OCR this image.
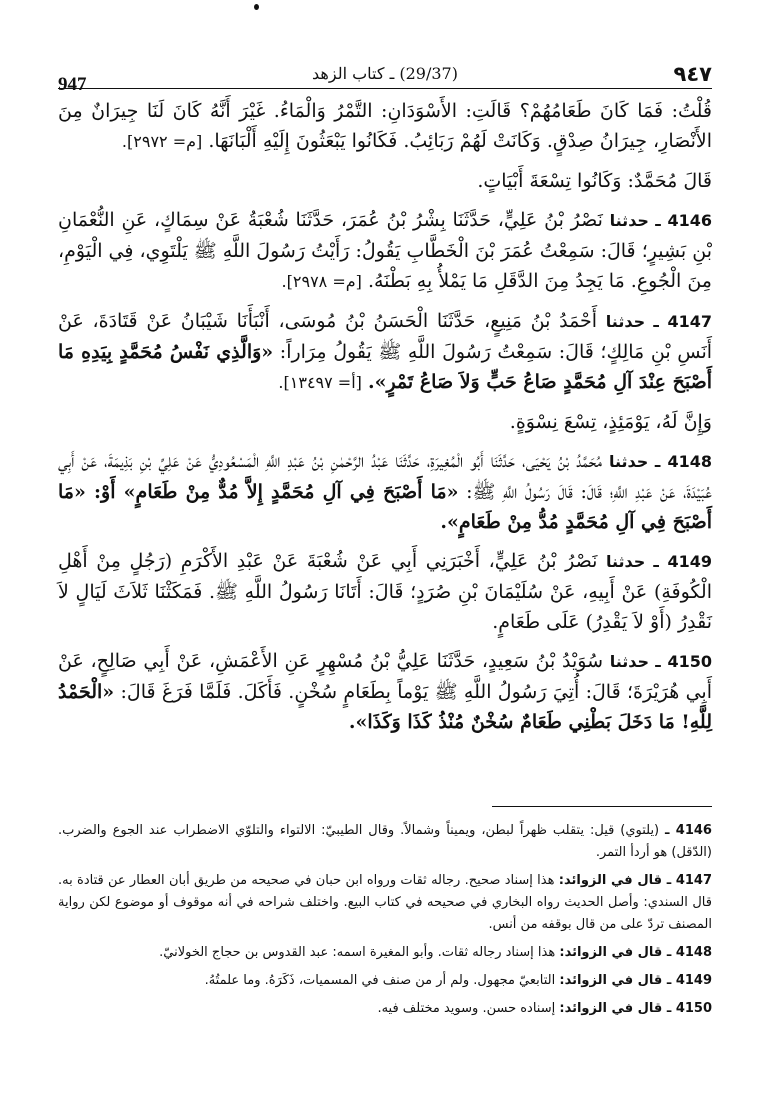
947
(29/37) ـ كتاب الزهد	٩٤٧

قُلْتُ: فَمَا كَانَ طَعَامُهُمْ؟ قَالَتِ: الأَسْوَدَانِ: التَّمْرُ وَالْمَاءُ. غَيْرَ أَنَّهُ كَانَ لَنَا جِيرَانٌ مِنَ الأَنْصَارِ، جِيرَانُ صِدْقٍ. وَكَانَتْ لَهُمْ رَبَائِبُ. فَكَانُوا يَبْعَثُونَ إِلَيْهِ أَلْبَانَهَا. [م= ٢٩٧٢].

قَالَ مُحَمَّدٌ: وَكَانُوا تِسْعَةَ أَبْيَاتٍ.

4146 ـ حدثنا نَصْرُ بْنُ عَلِيٍّ، حَدَّثَنَا بِشْرُ بْنُ عُمَرَ، حَدَّثَنَا شُعْبَةُ عَنْ سِمَاكٍ، عَنِ النُّعْمَانِ بْنِ بَشِيرٍ؛ قَالَ: سَمِعْتُ عُمَرَ بْنَ الْخَطَّابِ يَقُولُ: رَأَيْتُ رَسُولَ اللَّهِ ﷺ يَلْتَوِي، فِي الْيَوْمِ، مِنَ الْجُوعِ. مَا يَجِدُ مِنَ الدَّقَلِ مَا يَمْلأُ بِهِ بَطْنَهُ. [م= ٢٩٧٨].

4147 ـ حدثنا أَحْمَدُ بْنُ مَنِيعٍ، حَدَّثَنَا الْحَسَنُ بْنُ مُوسَى، أَنْبَأَنَا شَيْبَانُ عَنْ قَتَادَةَ، عَنْ أَنَسِ بْنِ مَالِكٍ؛ قَالَ: سَمِعْتُ رَسُولَ اللَّهِ ﷺ يَقُولُ مِرَاراً: «وَالَّذِي نَفْسُ مُحَمَّدٍ بِيَدِهِ مَا أَصْبَحَ عِنْدَ آلِ مُحَمَّدٍ صَاعُ حَبٍّ وَلاَ صَاعُ تَمْرٍ». [أ= ١٣٤٩٧].

وَإِنَّ لَهُ، يَوْمَئِذٍ، تِسْعَ نِسْوَةٍ.

4148 ـ حدثنا مُحَمَّدُ بْنُ يَحْيَى، حَدَّثَنَا أَبُو الْمُغِيرَةِ، حَدَّثَنَا عَبْدُ الرَّحْمٰنِ بْنُ عَبْدِ اللَّهِ الْمَسْعُودِيُّ عَنْ عَلِيِّ بْنِ بَذِيمَةَ، عَنْ أَبِي عُبَيْدَةَ، عَنْ عَبْدِ اللَّهِ؛ قَالَ: قَالَ رَسُولُ اللَّهِ ﷺ: «مَا أَصْبَحَ فِي آلِ مُحَمَّدٍ إِلاَّ مُدٌّ مِنْ طَعَامٍ» أَوْ: «مَا أَصْبَحَ فِي آلِ مُحَمَّدٍ مُدُّ مِنْ طَعَامٍ».

4149 ـ حدثنا نَصْرُ بْنُ عَلِيٍّ، أَخْبَرَنِي أَبِي عَنْ شُعْبَةَ عَنْ عَبْدِ الأَكْرَمِ (رَجُلٍ مِنْ أَهْلِ الْكُوفَةِ) عَنْ أَبِيهِ، عَنْ سُلَيْمَانَ بْنِ صُرَدٍ؛ قَالَ: أَتَانَا رَسُولُ اللَّهِ ﷺ. فَمَكَثْنَا ثَلاَثَ لَيَالٍ لاَ نَقْدِرُ (أَوْ لاَ يَقْدِرُ) عَلَى طَعَامٍ.

4150 ـ حدثنا سُوَيْدُ بْنُ سَعِيدٍ، حَدَّثَنَا عَلِيُّ بْنُ مُسْهِرٍ عَنِ الأَعْمَشِ، عَنْ أَبِي صَالِحٍ، عَنْ أَبِي هُرَيْرَةَ؛ قَالَ: أُتِيَ رَسُولُ اللَّهِ ﷺ يَوْماً بِطَعَامٍ سُخْنٍ. فَأَكَلَ. فَلَمَّا فَرَغَ قَالَ: «الْحَمْدُ لِلَّهِ! مَا دَخَلَ بَطْنِي طَعَامٌ سُخْنٌ مُنْذُ كَذَا وَكَذَا».

4146 ـ (يلتوي) قيل: يتقلب ظهراً لبطن، ويميناً وشمالاً. وقال الطيبيّ: الالتواء والتلوّي الاضطراب عند الجوع والضرب. (الدّقل) هو أردأ التمر.

4147 ـ قال في الزوائد: هذا إسناد صحيح. رجاله ثقات ورواه ابن حبان في صحيحه من طريق أبان العطار عن قتادة به. قال السندي: وأصل الحديث رواه البخاري في صحيحه في كتاب البيع. واختلف شراحه في أنه موقوف أو موضوع لكن رواية المصنف تردّ على من قال بوقفه من أنس.

4148 ـ قال في الزوائد: هذا إسناد رجاله ثقات. وأبو المغيرة اسمه: عبد القدوس بن حجاج الخولانيّ.

4149 ـ قال في الزوائد: التابعيّ مجهول. ولم أر من صنف في المسميات، ذَكَرَهُ. وما علمتُهُ.

4150 ـ قال في الزوائد: إسناده حسن. وسويد مختلف فيه.
